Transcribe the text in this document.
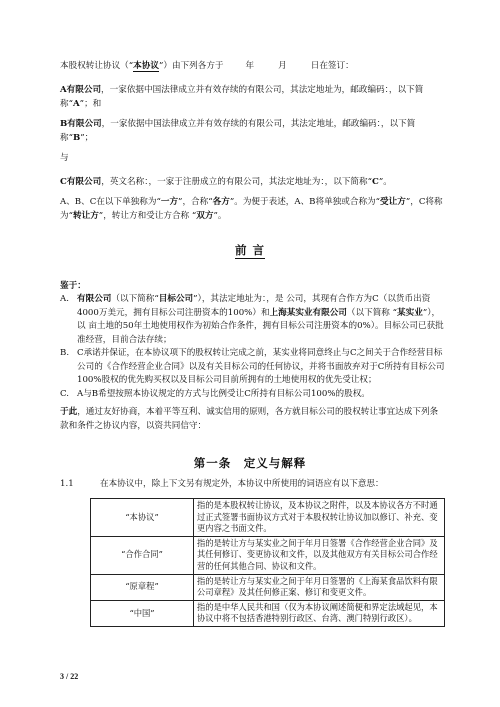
本股权转让协议（“本协议”）由下列各方于	年	月	日在签订：

A有限公司，一家依据中国法律成立并有效存续的有限公司，其法定地址为，邮政编码：，以下简称“A”；和

B有限公司，一家依据中国法律成立并有效存续的有限公司，其法定地址，邮政编码：，以下简称“B”；

与

C有限公司，英文名称：，一家于注册成立的有限公司，其法定地址为：，以下简称“C”。

A、B、C在以下单独称为“一方”，合称“各方”。为便于表述，A、B将单独或合称为“受让方”，C将称为“转让方”，转让方和受让方合称 “双方”。

前 言

鉴于：

A. 有限公司（以下简称“目标公司”），其法定地址为：，是 公司，其现有合作方为C（以货币出资4000万美元，拥有目标公司注册资本的100%）和上海某实业有限公司（以下简称 “某实业”），以 亩土地的50年土地使用权作为初始合作条件，拥有目标公司注册资本的0%）。目标公司已获批准经营，目前合法存续；
B. C承诺并保证，在本协议项下的股权转让完成之前，某实业将同意终止与C之间关于合作经营目标公司的《合作经营企业合同》以及有关目标公司的任何协议，并将书面放弃对于C所持有目标公司100%股权的优先购买权以及目标公司目前所拥有的土地使用权的优先受让权；
C. A与B希望按照本协议规定的方式与比例受让C所持有目标公司100%的股权。

于此，通过友好协商，本着平等互利、诚实信用的原则，各方就目标公司的股权转让事宜达成下列条款和条件之协议内容，以资共同信守：

第一条　定义与解释
1.1	在本协议中，除上下文另有规定外，本协议中所使用的词语应有以下意思：
“本协议”	指的是本股权转让协议，及本协议之附件，以及本协议各方不时通过正式签署书面协议方式对于本股权转让协议加以修订、补充、变更内容之书面文件。
“合作合同”	指的是转让方与某实业之间于年月日签署《合作经营企业合同》及其任何修订、变更协议和文件，以及其他双方有关目标公司合作经营的任何其他合同、协议和文件。
“原章程”	指的是转让方与某实业之间于年月日签署的《上海某食品饮料有限公司章程》及其任何修正案、修订和变更文件。
“中国”	指的是中华人民共和国（仅为本协议阐述简便和界定法域起见，本协议中将不包括香港特别行政区、台湾、澳门特别行政区）。
3 / 22
